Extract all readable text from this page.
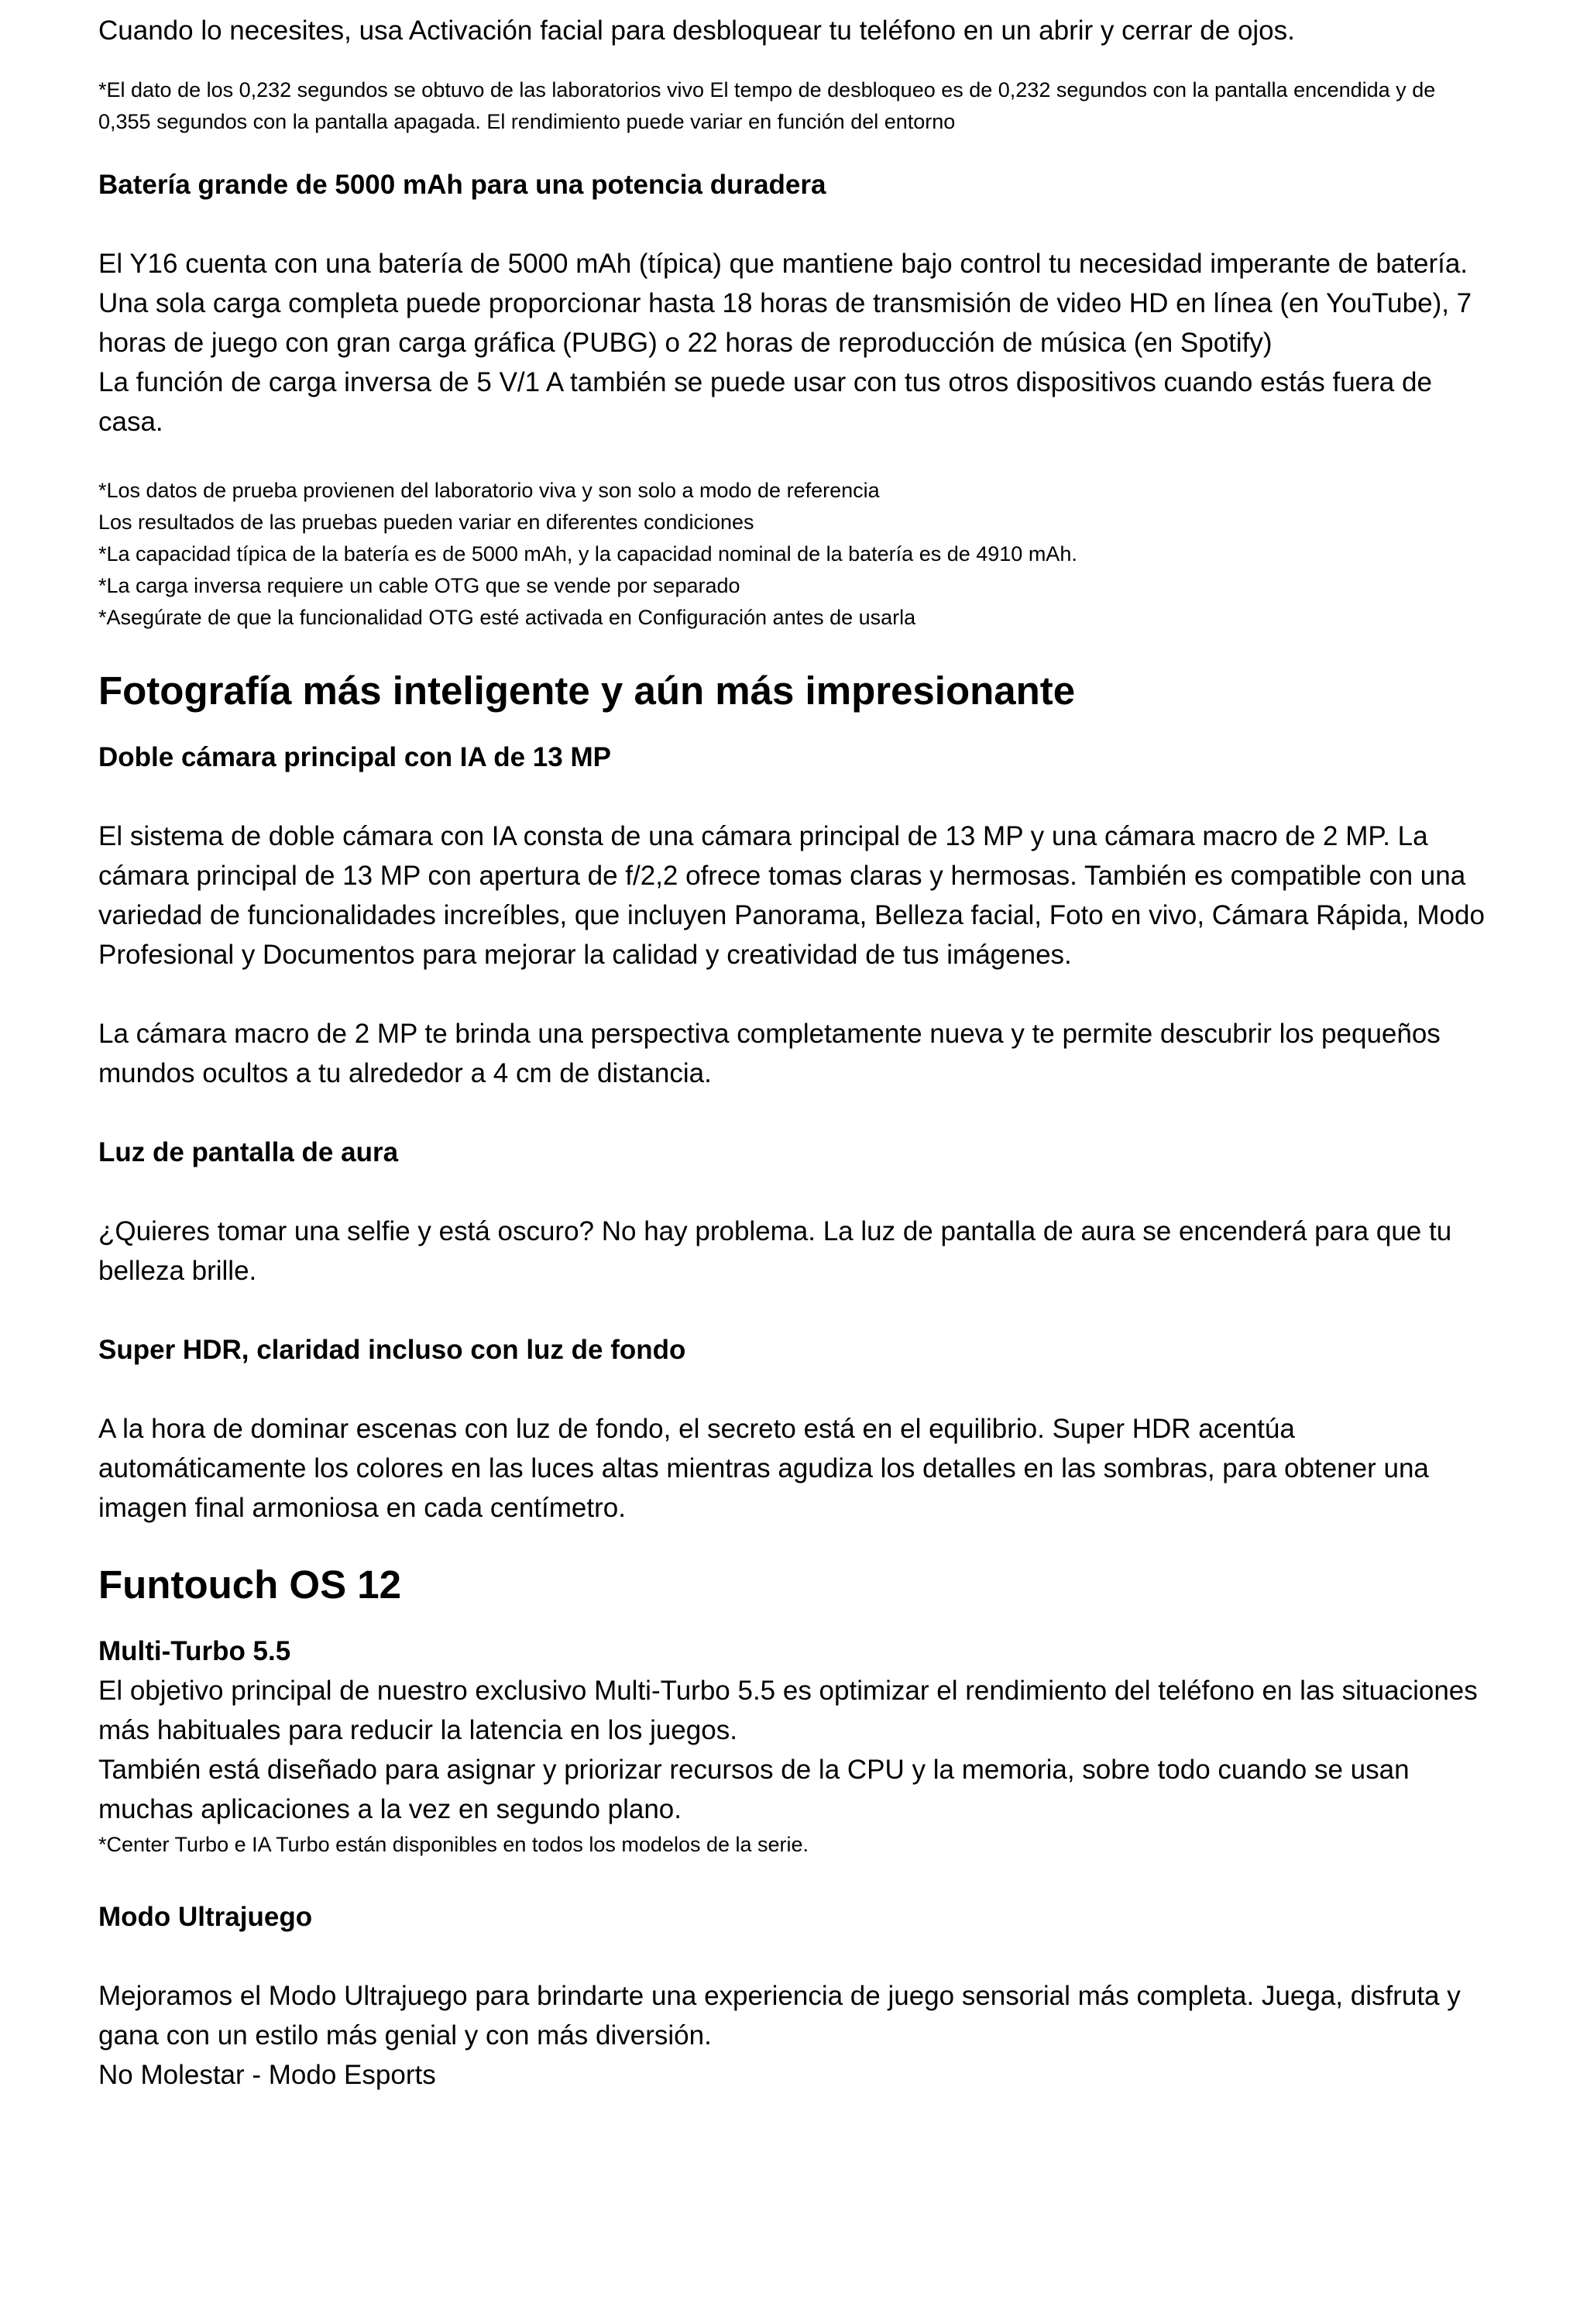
Cuando lo necesites, usa Activación facial para desbloquear tu teléfono en un abrir y cerrar de ojos.

*El dato de los 0,232 segundos se obtuvo de las laboratorios vivo El tempo de desbloqueo es de 0,232 segundos con la pantalla encendida y de 0,355 segundos con la pantalla apagada. El rendimiento puede variar en función del entorno

Batería grande de 5000 mAh para una potencia duradera

El Y16 cuenta con una batería de 5000 mAh (típica) que mantiene bajo control tu necesidad imperante de batería. Una sola carga completa puede proporcionar hasta 18 horas de transmisión de video HD en línea (en YouTube), 7 horas de juego con gran carga gráfica (PUBG) o 22 horas de reproducción de música (en Spotify)

La función de carga inversa de 5 V/1 A también se puede usar con tus otros dispositivos cuando estás fuera de casa.

*Los datos de prueba provienen del laboratorio viva y son solo a modo de referencia

Los resultados de las pruebas pueden variar en diferentes condiciones

*La capacidad típica de la batería es de 5000 mAh, y la capacidad nominal de la batería es de 4910 mAh.

*La carga inversa requiere un cable OTG que se vende por separado

*Asegúrate de que la funcionalidad OTG esté activada en Configuración antes de usarla

Fotografía más inteligente y aún más impresionante

Doble cámara principal con IA de 13 MP

El sistema de doble cámara con IA consta de una cámara principal de 13 MP y una cámara macro de 2 MP. La cámara principal de 13 MP con apertura de f/2,2 ofrece tomas claras y hermosas. También es compatible con una variedad de funcionalidades increíbles, que incluyen Panorama, Belleza facial, Foto en vivo, Cámara Rápida, Modo Profesional y Documentos para mejorar la calidad y creatividad de tus imágenes.

La cámara macro de 2 MP te brinda una perspectiva completamente nueva y te permite descubrir los pequeños mundos ocultos a tu alrededor a 4 cm de distancia.

Luz de pantalla de aura

¿Quieres tomar una selfie y está oscuro? No hay problema. La luz de pantalla de aura se encenderá para que tu belleza brille.

Super HDR, claridad incluso con luz de fondo

A la hora de dominar escenas con luz de fondo, el secreto está en el equilibrio. Super HDR acentúa automáticamente los colores en las luces altas mientras agudiza los detalles en las sombras, para obtener una imagen final armoniosa en cada centímetro.

Funtouch OS 12

Multi-Turbo 5.5

El objetivo principal de nuestro exclusivo Multi-Turbo 5.5 es optimizar el rendimiento del teléfono en las situaciones más habituales para reducir la latencia en los juegos.

También está diseñado para asignar y priorizar recursos de la CPU y la memoria, sobre todo cuando se usan muchas aplicaciones a la vez en segundo plano.

*Center Turbo e IA Turbo están disponibles en todos los modelos de la serie.

Modo Ultrajuego

Mejoramos el Modo Ultrajuego para brindarte una experiencia de juego sensorial más completa. Juega, disfruta y gana con un estilo más genial y con más diversión.

No Molestar - Modo Esports
